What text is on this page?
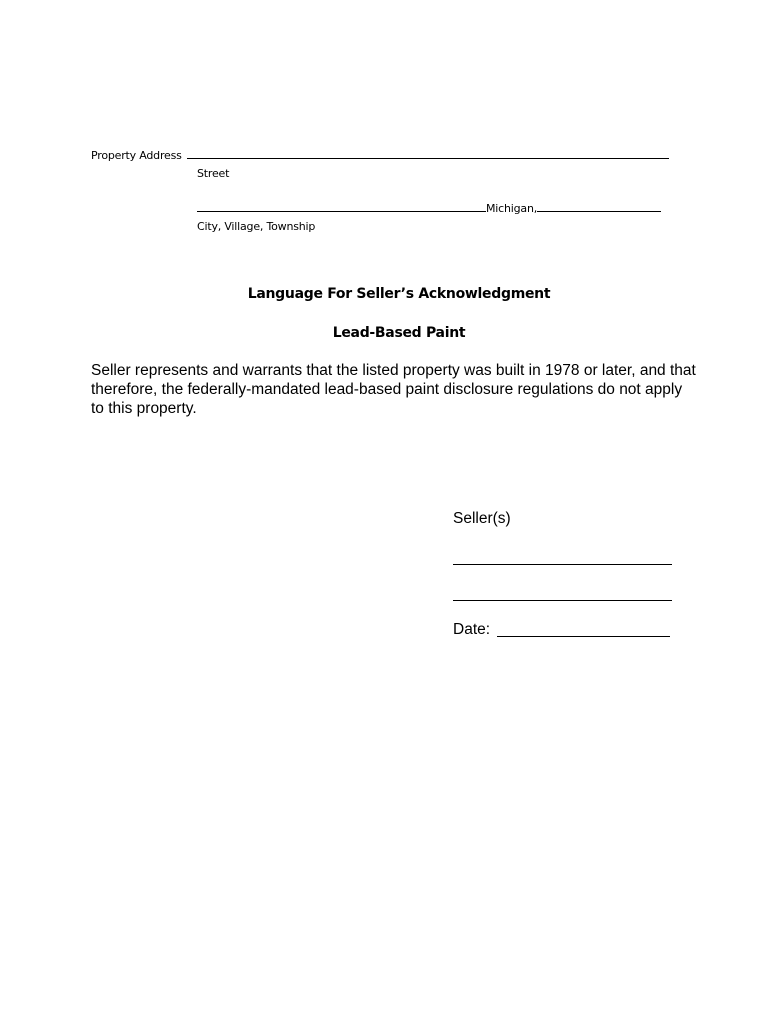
Property Address
Street
Michigan,
City, Village, Township
Language For Seller’s Acknowledgment
Lead-Based Paint
Seller represents and warrants that the listed property was built in 1978 or later, and that
therefore, the federally-mandated lead-based paint disclosure regulations do not apply
to this property.
Seller(s)
Date:
